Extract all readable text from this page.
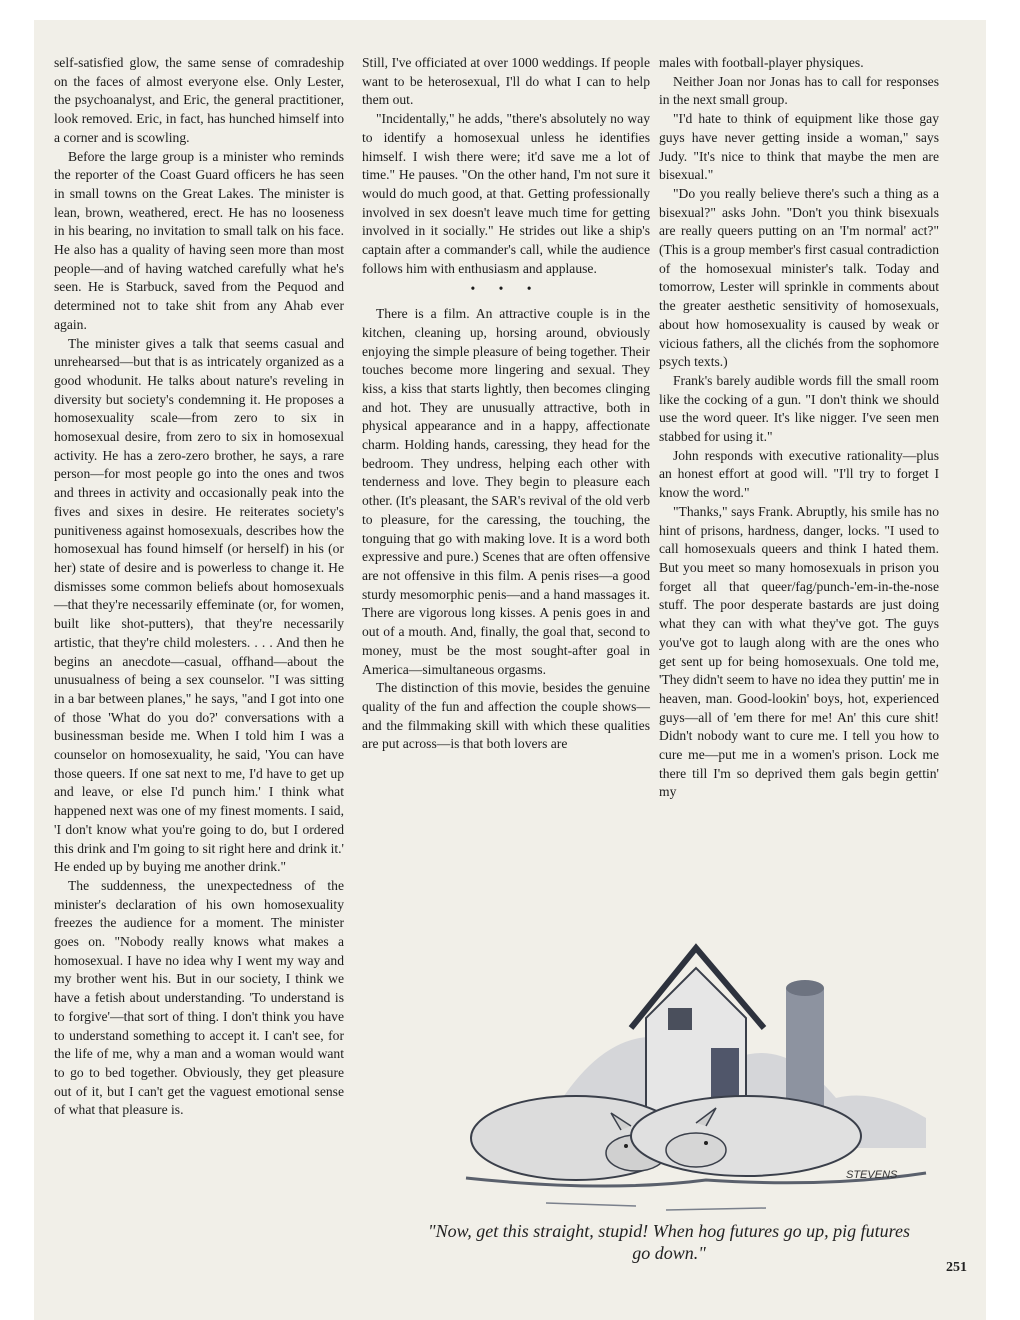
self-satisfied glow, the same sense of comradeship on the faces of almost everyone else. Only Lester, the psychoanalyst, and Eric, the general practitioner, look removed. Eric, in fact, has hunched himself into a corner and is scowling.

Before the large group is a minister who reminds the reporter of the Coast Guard officers he has seen in small towns on the Great Lakes. The minister is lean, brown, weathered, erect. He has no looseness in his bearing, no invitation to small talk on his face. He also has a quality of having seen more than most people—and of having watched carefully what he's seen. He is Starbuck, saved from the Pequod and determined not to take shit from any Ahab ever again.

The minister gives a talk that seems casual and unrehearsed—but that is as intricately organized as a good whodunit. He talks about nature's reveling in diversity but society's condemning it. He proposes a homosexuality scale—from zero to six in homosexual desire, from zero to six in homosexual activity. He has a zero-zero brother, he says, a rare person—for most people go into the ones and twos and threes in activity and occasionally peak into the fives and sixes in desire. He reiterates society's punitiveness against homosexuals, describes how the homosexual has found himself (or herself) in his (or her) state of desire and is powerless to change it. He dismisses some common beliefs about homosexuals—that they're necessarily effeminate (or, for women, built like shot-putters), that they're necessarily artistic, that they're child molesters. . . . And then he begins an anecdote—casual, offhand—about the unusualness of being a sex counselor. "I was sitting in a bar between planes," he says, "and I got into one of those 'What do you do?' conversations with a businessman beside me. When I told him I was a counselor on homosexuality, he said, 'You can have those queers. If one sat next to me, I'd have to get up and leave, or else I'd punch him.' I think what happened next was one of my finest moments. I said, 'I don't know what you're going to do, but I ordered this drink and I'm going to sit right here and drink it.' He ended up by buying me another drink."

The suddenness, the unexpectedness of the minister's declaration of his own homosexuality freezes the audience for a moment. The minister goes on. "Nobody really knows what makes a homosexual. I have no idea why I went my way and my brother went his. But in our society, I think we have a fetish about understanding. 'To understand is to forgive'—that sort of thing. I don't think you have to understand something to accept it. I can't see, for the life of me, why a man and a woman would want to go to bed together. Obviously, they get pleasure out of it, but I can't get the vaguest emotional sense of what that pleasure is.

Still, I've officiated at over 1000 weddings. If people want to be heterosexual, I'll do what I can to help them out.

"Incidentally," he adds, "there's absolutely no way to identify a homosexual unless he identifies himself. I wish there were; it'd save me a lot of time." He pauses. "On the other hand, I'm not sure it would do much good, at that. Getting professionally involved in sex doesn't leave much time for getting involved in it socially." He strides out like a ship's captain after a commander's call, while the audience follows him with enthusiasm and applause.

• • •

There is a film. An attractive couple is in the kitchen, cleaning up, horsing around, obviously enjoying the simple pleasure of being together. Their touches become more lingering and sexual. They kiss, a kiss that starts lightly, then becomes clinging and hot. They are unusually attractive, both in physical appearance and in a happy, affectionate charm. Holding hands, caressing, they head for the bedroom. They undress, helping each other with tenderness and love. They begin to pleasure each other. (It's pleasant, the SAR's revival of the old verb to pleasure, for the caressing, the touching, the tonguing that go with making love. It is a word both expressive and pure.) Scenes that are often offensive are not offensive in this film. A penis rises—a good sturdy mesomorphic penis—and a hand massages it. There are vigorous long kisses. A penis goes in and out of a mouth. And, finally, the goal that, second to money, must be the most sought-after goal in America—simultaneous orgasms.

The distinction of this movie, besides the genuine quality of the fun and affection the couple shows—and the filmmaking skill with which these qualities are put across—is that both lovers are

males with football-player physiques.

Neither Joan nor Jonas has to call for responses in the next small group.

"I'd hate to think of equipment like those gay guys have never getting inside a woman," says Judy. "It's nice to think that maybe the men are bisexual."

"Do you really believe there's such a thing as a bisexual?" asks John. "Don't you think bisexuals are really queers putting on an 'I'm normal' act?" (This is a group member's first casual contradiction of the homosexual minister's talk. Today and tomorrow, Lester will sprinkle in comments about the greater aesthetic sensitivity of homosexuals, about how homosexuality is caused by weak or vicious fathers, all the clichés from the sophomore psych texts.)

Frank's barely audible words fill the small room like the cocking of a gun. "I don't think we should use the word queer. It's like nigger. I've seen men stabbed for using it."

John responds with executive rationality—plus an honest effort at good will. "I'll try to forget I know the word."

"Thanks," says Frank. Abruptly, his smile has no hint of prisons, hardness, danger, locks. "I used to call homosexuals queers and think I hated them. But you meet so many homosexuals in prison you forget all that queer/fag/punch-'em-in-the-nose stuff. The poor desperate bastards are just doing what they can with what they've got. The guys you've got to laugh along with are the ones who get sent up for being homosexuals. One told me, 'They didn't seem to have no idea they puttin' me in heaven, man. Good-lookin' boys, hot, experienced guys—all of 'em there for me! An' this cure shit! Didn't nobody want to cure me. I tell you how to cure me—put me in a women's prison. Lock me there till I'm so deprived them gals begin gettin' my

STEVENS
"Now, get this straight, stupid! When hog futures go up, pig futures go down."
251
